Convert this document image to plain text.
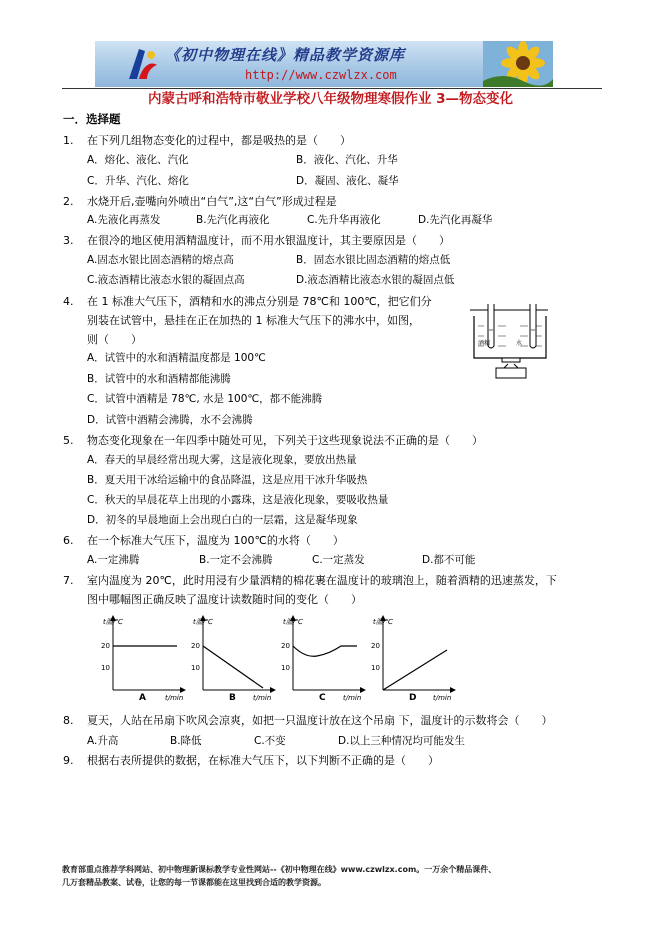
《初中物理在线》精品教学资源库
http://www.czwlzx.com
内蒙古呼和浩特市敬业学校八年级物理寒假作业 3—物态变化
一．选择题
1. 在下列几组物态变化的过程中，都是吸热的是（　　）
A．熔化、液化、汽化	B．液化、汽化、升华
C．升华、汽化、熔化	D．凝固、液化、凝华
2. 水烧开后,壶嘴向外喷出“白气”,这“白气”形成过程是
A.先液化再蒸发	B.先汽化再液化	C.先升华再液化	D.先汽化再凝华
3. 在很冷的地区使用酒精温度计，而不用水银温度计，其主要原因是（　　）
A.固态水银比固态酒精的熔点高	B．固态水银比固态酒精的熔点低
C.液态酒精比液态水银的凝固点高	D.液态酒精比液态水银的凝固点低
4. 在 1 标准大气压下，酒精和水的沸点分别是 78℃和 100℃，把它们分
别装在试管中，悬挂在正在加热的 1 标准大气压下的沸水中，如图，
则（　　）
A．试管中的水和酒精温度都是 100℃
B．试管中的水和酒精都能沸腾
C．试管中酒精是 78℃, 水是 100℃，都不能沸腾
D．试管中酒精会沸腾，水不会沸腾
酒精	水
5. 物态变化现象在一年四季中随处可见，下列关于这些现象说法不正确的是（　　）
A．春天的早晨经常出现大雾，这是液化现象，要放出热量
B．夏天用干冰给运输中的食品降温，这是应用干冰升华吸热
C．秋天的早晨花草上出现的小露珠，这是液化现象，要吸收热量
D．初冬的早晨地面上会出现白白的一层霜，这是凝华现象
6. 在一个标准大气压下，温度为 100℃的水将（　　）
A.一定沸腾	B.一定不会沸腾	C.一定蒸发	D.都不可能
7. 室内温度为 20℃，此时用浸有少量酒精的棉花裹在温度计的玻璃泡上，随着酒精的迅速蒸发，下
图中哪幅图正确反映了温度计读数随时间的变化（　　）
t温/℃
20
10
A	t/min
t温/℃
20
10
B t/min
t温/℃
20
10
C t/min
t温/℃
20
10
D t/min
8. 夏天，人站在吊扇下吹风会凉爽，如把一只温度计放在这个吊扇 下，温度计的示数将会（　　）
A.升高	B.降低	C.不变	D.以上三种情况均可能发生
9. 根据右表所提供的数据，在标准大气压下，以下判断不正确的是（　　）
教育部重点推荐学科网站、初中物理新课标教学专业性网站--《初中物理在线》www.czwlzx.com。一万余个精品课件、
几万套精品教案、试卷，让您的每一节课都能在这里找到合适的教学资源。
